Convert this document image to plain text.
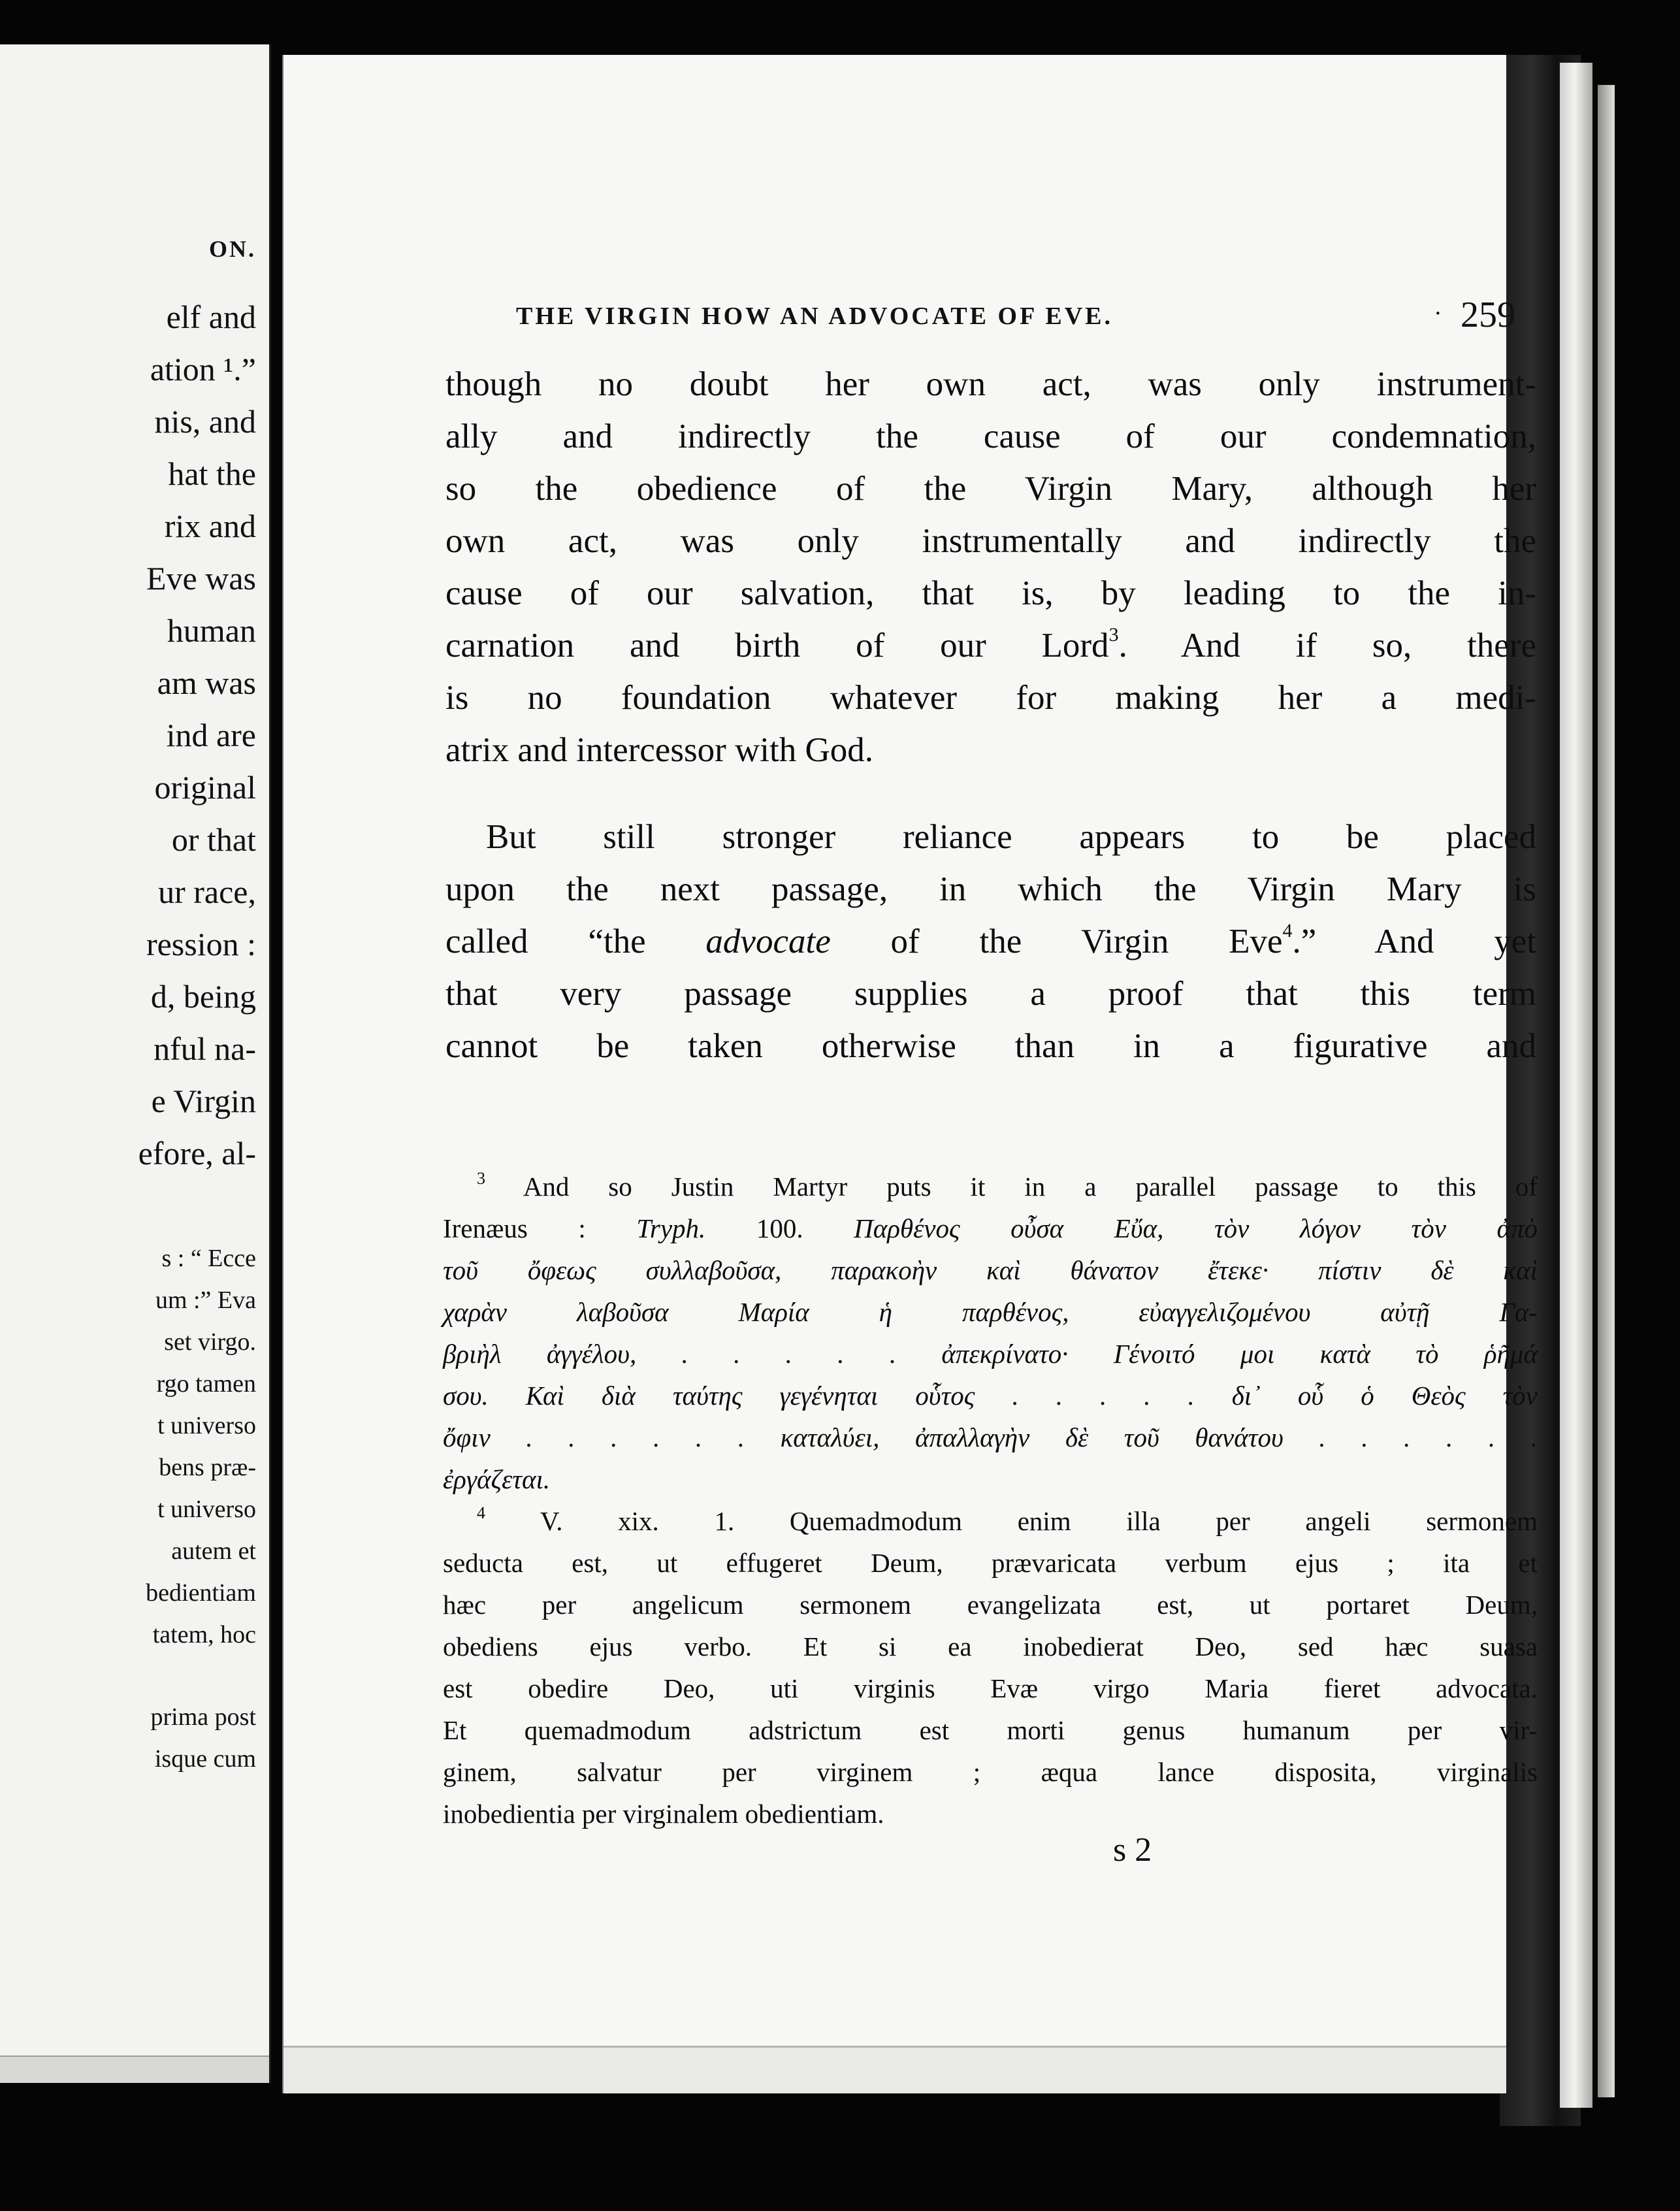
ON.
elf and
ation ¹.”
nis, and
hat the
rix and
Eve was
human
am was
ind are
original
or that
ur race,
ression :
d, being
nful na-
e Virgin
efore, al-
s : “ Ecce
um :” Eva
set virgo.
rgo tamen
t universo
bens præ-
t universo
autem et
bedientiam
tatem, hoc
prima post
isque cum
THE VIRGIN HOW AN ADVOCATE OF EVE.	· 259
though no doubt her own act, was only instrument-
ally and indirectly the cause of our condemnation,
so the obedience of the Virgin Mary, although her
own act, was only instrumentally and indirectly the
cause of our salvation, that is, by leading to the in-
carnation and birth of our Lord$^3$. And if so, there
is no foundation whatever for making her a medi-
atrix and intercessor with God.
But still stronger reliance appears to be placed
upon the next passage, in which the Virgin Mary is
called “the advocate of the Virgin Eve$^4$.” And yet
that very passage supplies a proof that this term
cannot be taken otherwise than in a figurative and
$^3$ And so Justin Martyr puts it in a parallel passage to this of
Irenæus : Tryph. 100. Παρθένος οὖσα Εὔα, τὸν λόγον τὸν ἀπὸ
τοῦ ὄφεως συλλαβοῦσα, παρακοὴν καὶ θάνατον ἔτεκε· πίστιν δὲ καὶ
χαρὰν λαβοῦσα Μαρία ἡ παρθένος, εὐαγγελιζομένου αὐτῇ Γα-
βριὴλ ἀγγέλου, . . . . . ἀπεκρίνατο· Γένοιτό μοι κατὰ τὸ ῥῆμά
σου. Καὶ διὰ ταύτης γεγένηται οὗτος . . . . . δι᾽ οὗ ὁ Θεὸς τὸν
ὄφιν . . . . . . καταλύει, ἀπαλλαγὴν δὲ τοῦ θανάτου . . . . . .
ἐργάζεται.
$^4$ V. xix. 1. Quemadmodum enim illa per angeli sermonem
seducta est, ut effugeret Deum, prævaricata verbum ejus ; ita et
hæc per angelicum sermonem evangelizata est, ut portaret Deum,
obediens ejus verbo. Et si ea inobedierat Deo, sed hæc suasa
est obedire Deo, uti virginis Evæ virgo Maria fieret advocata.
Et quemadmodum adstrictum est morti genus humanum per vir-
ginem, salvatur per virginem ; æqua lance disposita, virginalis
inobedientia per virginalem obedientiam.
s 2
